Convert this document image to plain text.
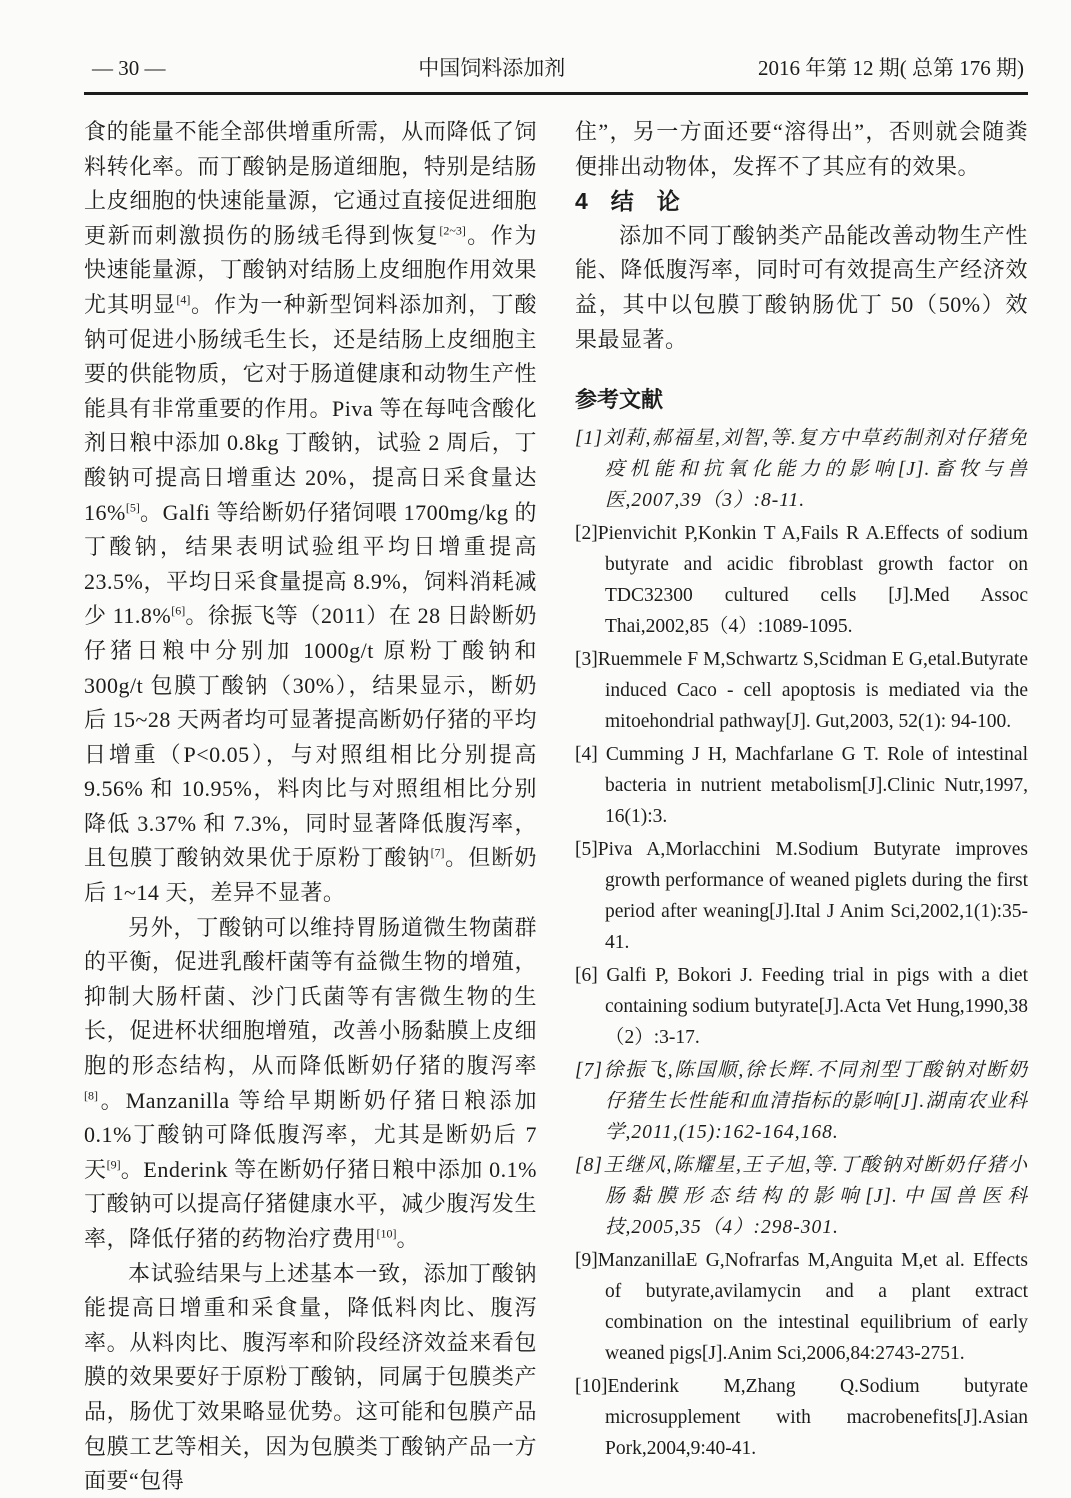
— 30 —	中国饲料添加剂	2016 年第 12 期( 总第 176 期)

食的能量不能全部供增重所需，从而降低了饲料转化率。而丁酸钠是肠道细胞，特别是结肠上皮细胞的快速能量源，它通过直接促进细胞更新而刺激损伤的肠绒毛得到恢复[2~3]。作为快速能量源，丁酸钠对结肠上皮细胞作用效果尤其明显[4]。作为一种新型饲料添加剂，丁酸钠可促进小肠绒毛生长，还是结肠上皮细胞主要的供能物质，它对于肠道健康和动物生产性能具有非常重要的作用。Piva 等在每吨含酸化剂日粮中添加 0.8kg 丁酸钠，试验 2 周后，丁酸钠可提高日增重达 20%，提高日采食量达 16%[5]。Galfi 等给断奶仔猪饲喂 1700mg/kg 的丁酸钠，结果表明试验组平均日增重提高 23.5%，平均日采食量提高 8.9%，饲料消耗减少 11.8%[6]。徐振飞等（2011）在 28 日龄断奶仔猪日粮中分别加 1000g/t 原粉丁酸钠和 300g/t 包膜丁酸钠（30%），结果显示，断奶后 15~28 天两者均可显著提高断奶仔猪的平均日增重（P<0.05），与对照组相比分别提高 9.56% 和 10.95%，料肉比与对照组相比分别降低 3.37% 和 7.3%，同时显著降低腹泻率，且包膜丁酸钠效果优于原粉丁酸钠[7]。但断奶后 1~14 天，差异不显著。

另外，丁酸钠可以维持胃肠道微生物菌群的平衡，促进乳酸杆菌等有益微生物的增殖，抑制大肠杆菌、沙门氏菌等有害微生物的生长，促进杯状细胞增殖，改善小肠黏膜上皮细胞的形态结构，从而降低断奶仔猪的腹泻率[8]。Manzanilla 等给早期断奶仔猪日粮添加 0.1%丁酸钠可降低腹泻率，尤其是断奶后 7 天[9]。Enderink 等在断奶仔猪日粮中添加 0.1%丁酸钠可以提高仔猪健康水平，减少腹泻发生率，降低仔猪的药物治疗费用[10]。

本试验结果与上述基本一致，添加丁酸钠能提高日增重和采食量，降低料肉比、腹泻率。从料肉比、腹泻率和阶段经济效益来看包膜的效果要好于原粉丁酸钠，同属于包膜类产品，肠优丁效果略显优势。这可能和包膜产品包膜工艺等相关，因为包膜类丁酸钠产品一方面要“包得

住”，另一方面还要“溶得出”，否则就会随粪便排出动物体，发挥不了其应有的效果。

4　结　论

添加不同丁酸钠类产品能改善动物生产性能、降低腹泻率，同时可有效提高生产经济效益，其中以包膜丁酸钠肠优丁 50（50%）效果最显著。

参考文献
[1]刘莉,郝福星,刘智,等.复方中草药制剂对仔猪免疫机能和抗氧化能力的影响[J].畜牧与兽医,2007,39（3）:8-11.
[2]Pienvichit P,Konkin T A,Fails R A.Effects of sodium butyrate and acidic fibroblast growth factor on TDC32300 cultured cells [J].Med Assoc Thai,2002,85（4）:1089-1095.
[3]Ruemmele F M,Schwartz S,Scidman E G,etal.Butyrate induced Caco - cell apoptosis is mediated via the mitoehondrial pathway[J]. Gut,2003, 52(1): 94-100.
[4] Cumming J H, Machfarlane G T. Role of intestinal bacteria in nutrient metabolism[J].Clinic Nutr,1997, 16(1):3.
[5]Piva A,Morlacchini M.Sodium Butyrate improves growth performance of weaned piglets during the first period after weaning[J].Ital J Anim Sci,2002,1(1):35-41.
[6] Galfi P, Bokori J. Feeding trial in pigs with a diet containing sodium butyrate[J].Acta Vet Hung,1990,38（2）:3-17.
[7]徐振飞,陈国顺,徐长辉.不同剂型丁酸钠对断奶仔猪生长性能和血清指标的影响[J].湖南农业科学,2011,(15):162-164,168.
[8]王继风,陈耀星,王子旭,等.丁酸钠对断奶仔猪小肠黏膜形态结构的影响[J].中国兽医科技,2005,35（4）:298-301.
[9]ManzanillaE G,Nofrarfas M,Anguita M,et al. Effects of butyrate,avilamycin and a plant extract combination on the intestinal equilibrium of early weaned pigs[J].Anim Sci,2006,84:2743-2751.
[10]Enderink M,Zhang Q.Sodium butyrate microsupplement with macrobenefits[J].Asian Pork,2004,9:40-41.
